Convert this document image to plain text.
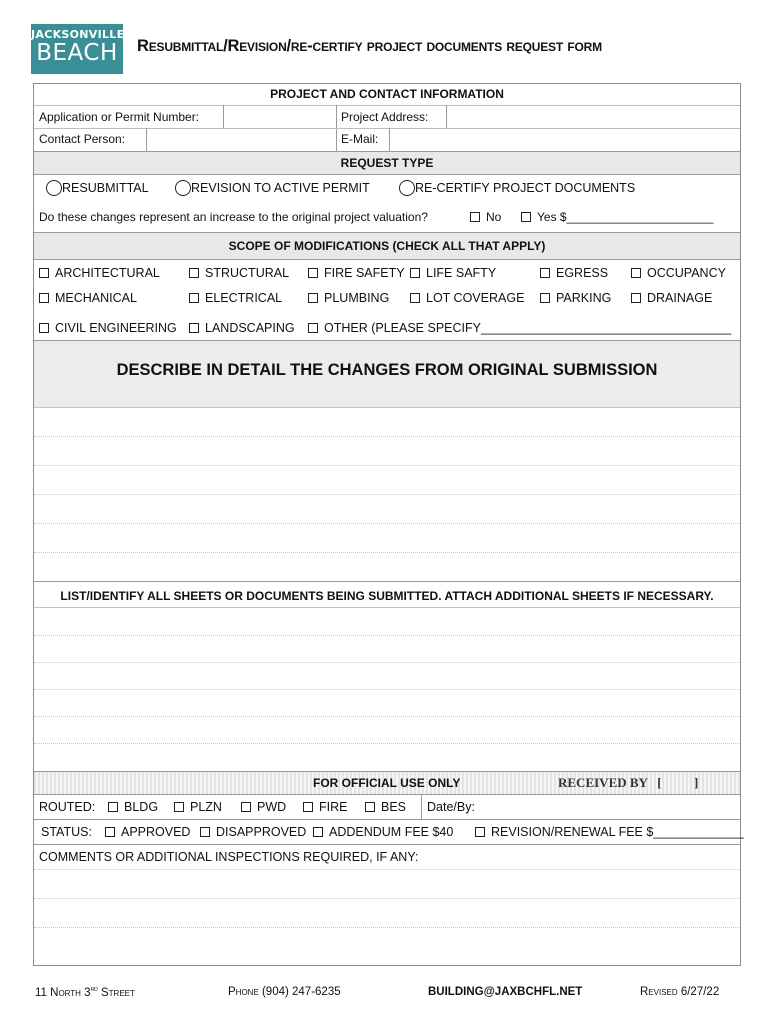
JACKSONVILLE
BEACH	Resubmittal/Revision/re-certify project documents request form
PROJECT AND CONTACT INFORMATION
Application or Permit Number:	Project Address:
Contact Person:	E-Mail:
REQUEST TYPE
RESUBMITTAL	REVISION TO ACTIVE PERMIT	RE-CERTIFY PROJECT DOCUMENTS
Do these changes represent an increase to the original project valuation?	No	Yes $______________________
SCOPE OF MODIFICATIONS (CHECK ALL THAT APPLY)
ARCHITECTURAL	STRUCTURAL	FIRE SAFETY	LIFE SAFTY	EGRESS	OCCUPANCY
MECHANICAL	ELECTRICAL	PLUMBING	LOT COVERAGE	PARKING	DRAINAGE
CIVIL ENGINEERING	LANDSCAPING	OTHER (PLEASE SPECIFY____________________________________
DESCRIBE IN DETAIL THE CHANGES FROM ORIGINAL SUBMISSION
LIST/IDENTIFY ALL SHEETS OR DOCUMENTS BEING SUBMITTED. ATTACH ADDITIONAL SHEETS IF NECESSARY.
FOR OFFICIAL USE ONLY	RECEIVED BY   [          ]
ROUTED:	BLDG	PLZN	PWD	FIRE	BES Date/By:
STATUS:	APPROVED	DISAPPROVED	ADDENDUM FEE $40	REVISION/RENEWAL FEE $_____________
COMMENTS OR ADDITIONAL INSPECTIONS REQUIRED, IF ANY:
11 North 3rd Street	Phone (904) 247-6235	BUILDING@JAXBCHFL.NET	Revised 6/27/22
